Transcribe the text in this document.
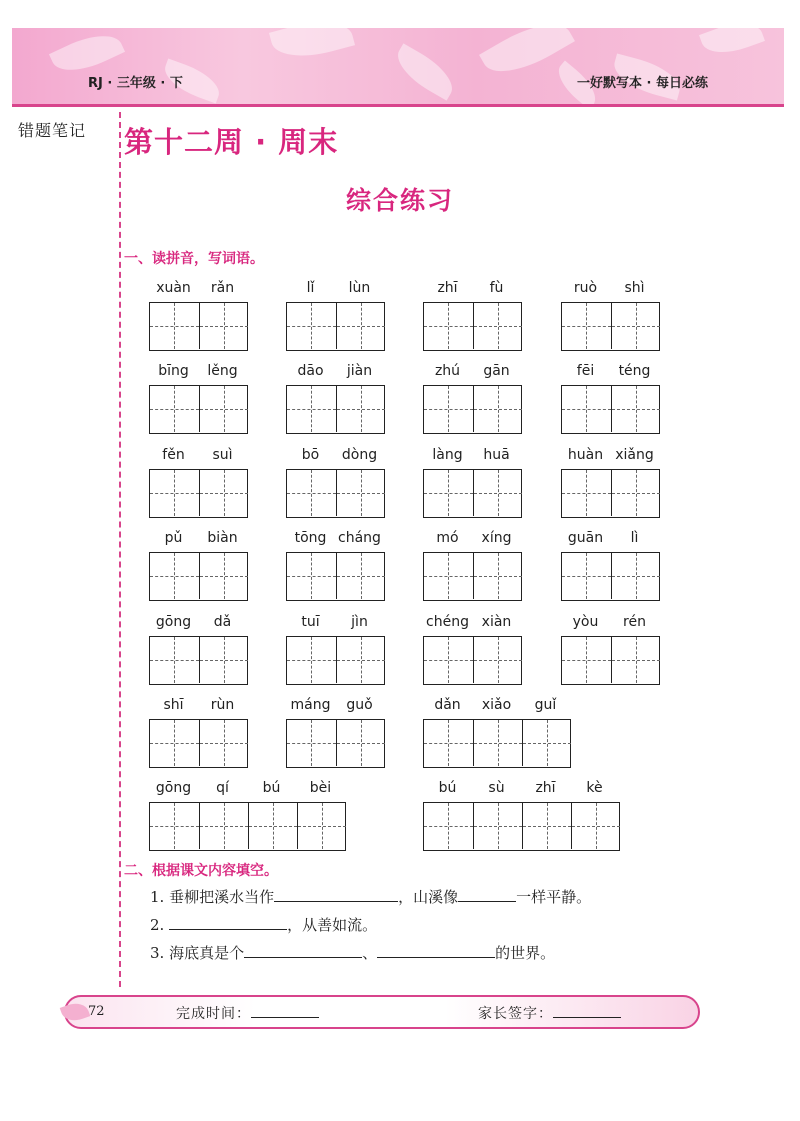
RJ · 三年级 · 下	一好默写本 · 每日必练
错题笔记 第十二周 · 周末
综合练习
一、读拼音，写词语。
xuàn	rǎn	lǐ	lùn	zhī	fù	ruò	shì
bīng	lěng	dāo	jiàn	zhú	gān	fēi	téng
fěn	suì	bō	dòng	làng	huā	huàn xiǎng
pǔ	biàn	tōng cháng	mó	xíng	guān	lì
gōng	dǎ	tuī	jìn	chéng xiàn	yòu	rén
shī	rùn	máng	guǒ	dǎn	xiǎo	guǐ
gōng	qí	bú	bèi	bú	sù	zhī	kè
二、根据课文内容填空。
1. 垂柳把溪水当作	，山溪像	一样平静。
2.	，从善如流。
3. 海底真是个	、	的世界。
72	完成时间：	家长签字：
